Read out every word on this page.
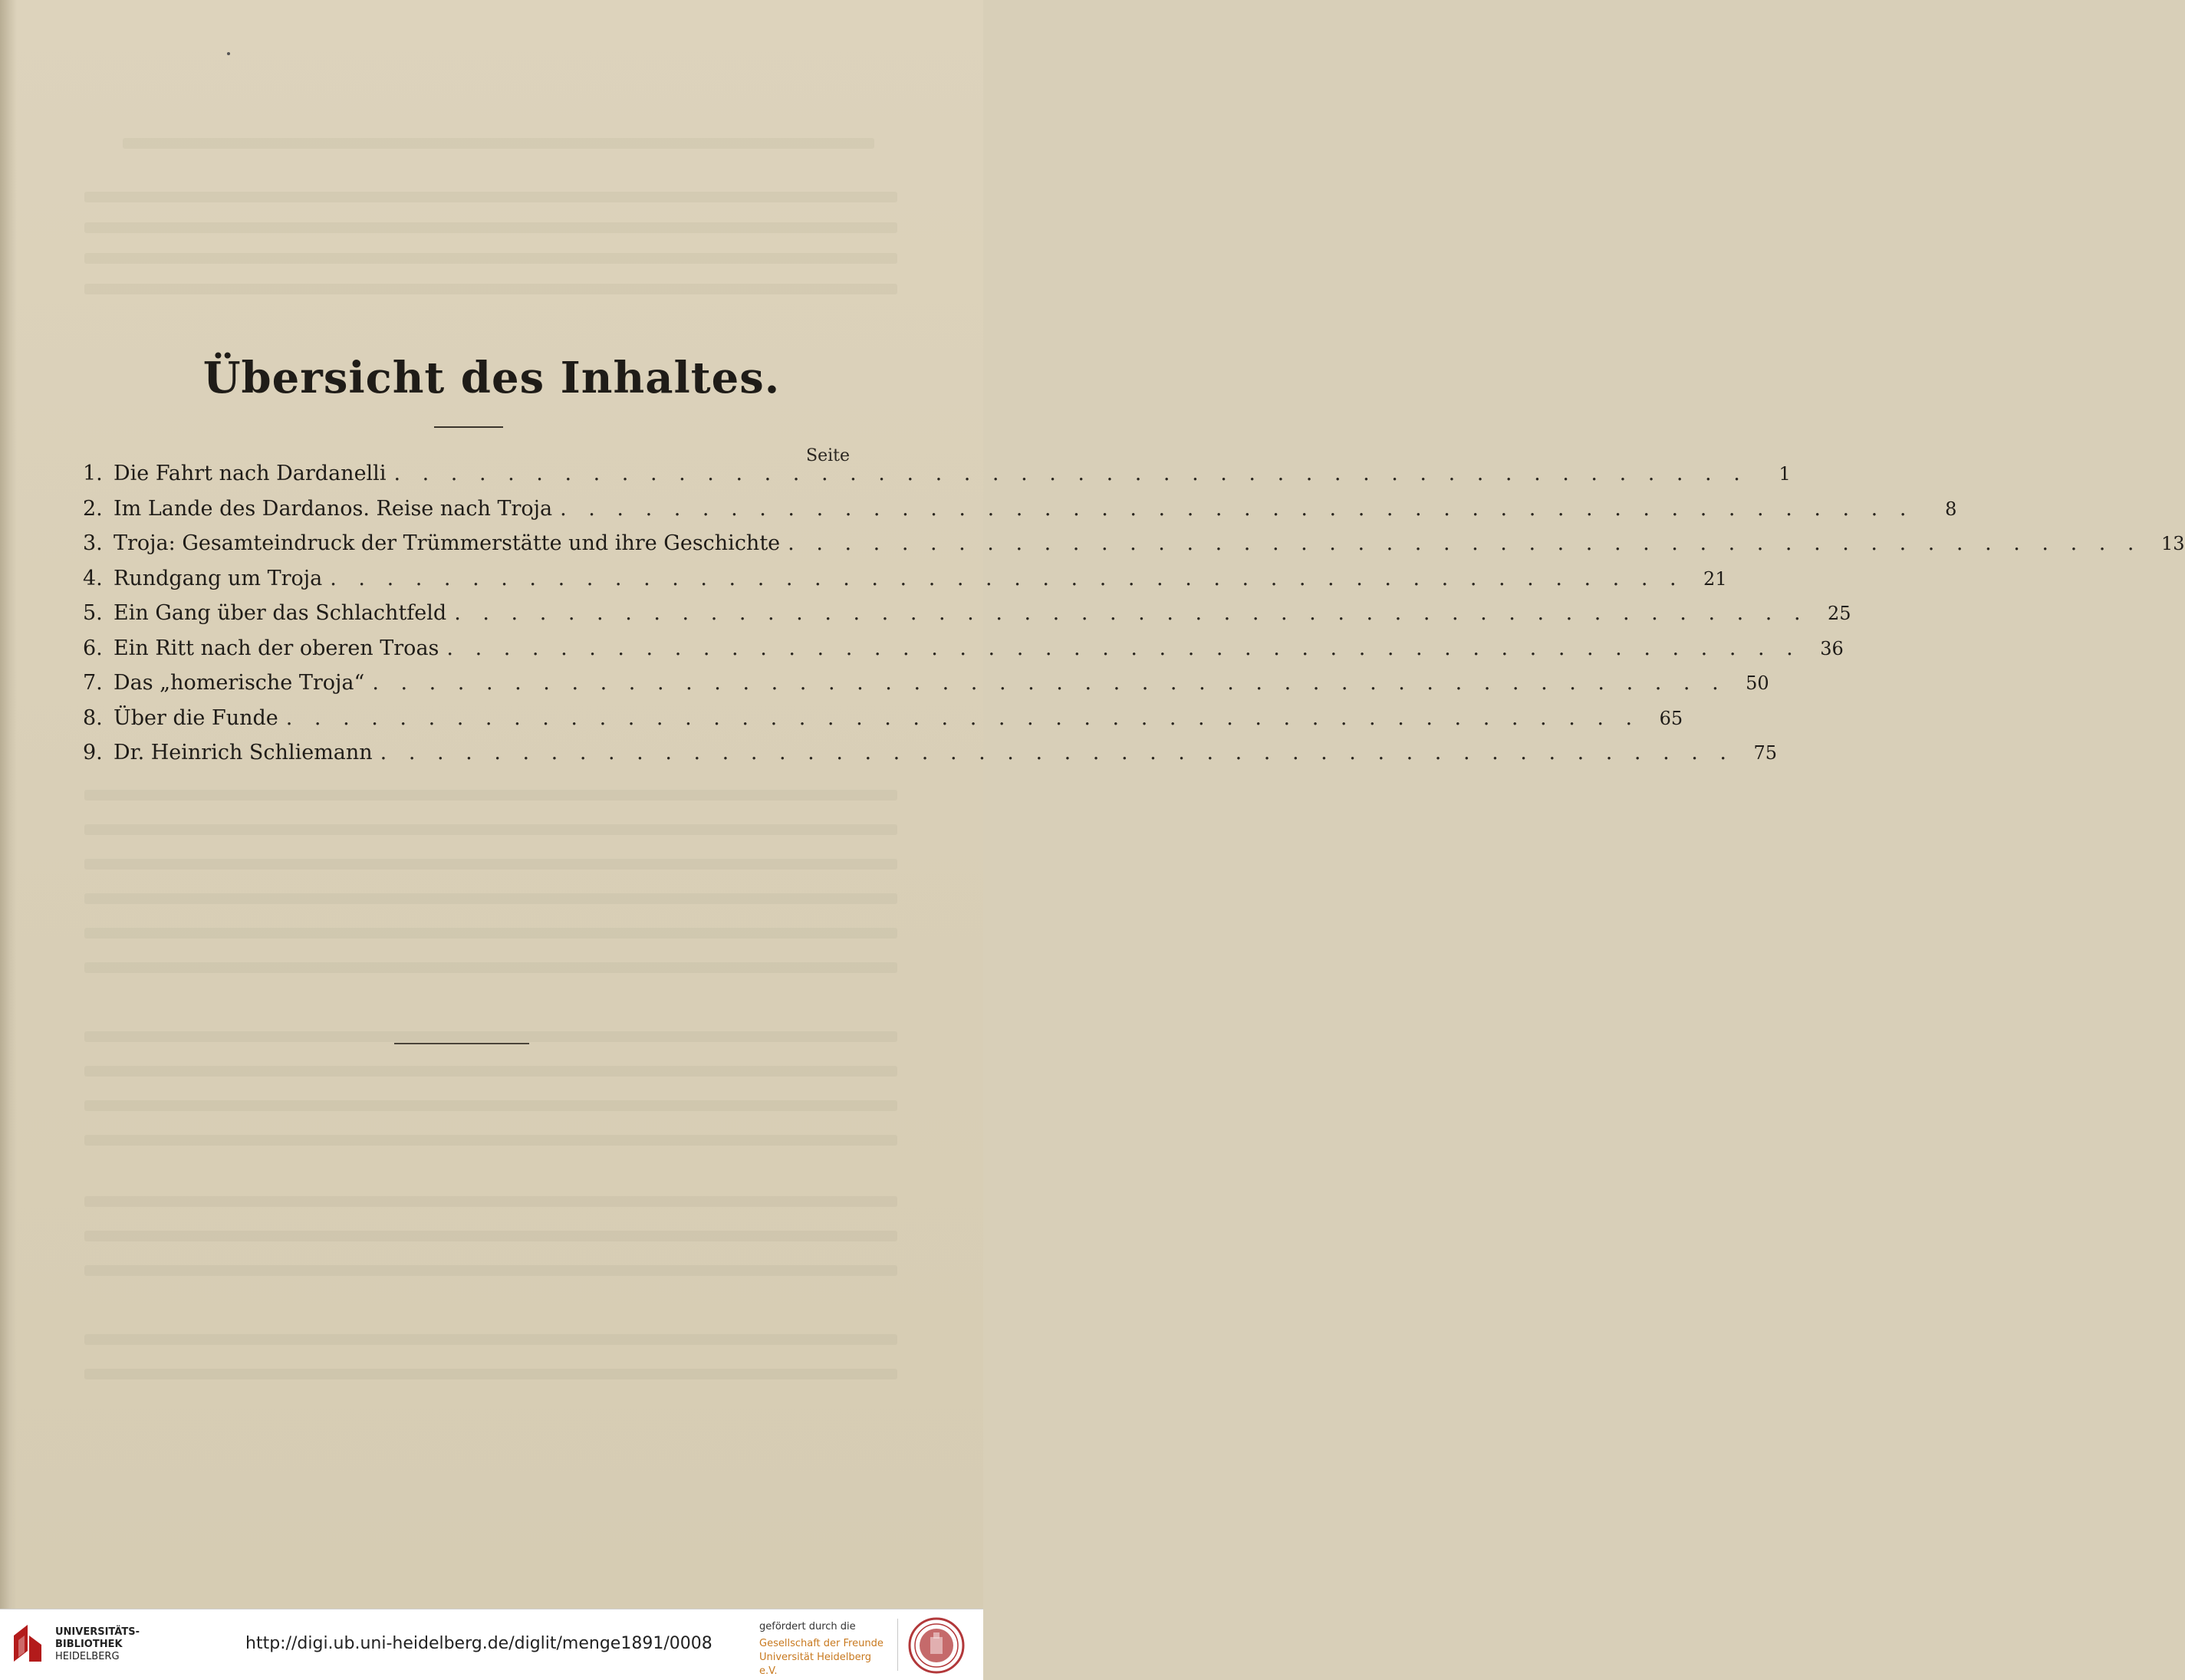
Übersicht des Inhaltes.
Seite
1. Die Fahrt nach Dardanelli . . . . . . . . . . . . . . . . . . . . . . . . . . . . . . . . . . . . . . . . . . . . . . . .	1
2. Im Lande des Dardanos. Reise nach Troja . . . . . . . . . . . . . . . . . . . . . . . . . . . . . . . . . . . . . . . . . . . . . . . .	8
3. Troja: Gesamteindruck der Trümmerstätte und ihre Geschichte . . . . . . . . . . . . . . . . . . . . . . . . . . . . . . . . . . . . . . . . . . . . . . . .	13
4. Rundgang um Troja . . . . . . . . . . . . . . . . . . . . . . . . . . . . . . . . . . . . . . . . . . . . . . . .	21
5. Ein Gang über das Schlachtfeld . . . . . . . . . . . . . . . . . . . . . . . . . . . . . . . . . . . . . . . . . . . . . . . .	25
6. Ein Ritt nach der oberen Troas . . . . . . . . . . . . . . . . . . . . . . . . . . . . . . . . . . . . . . . . . . . . . . . .	36
7. Das „homerische Troja“ . . . . . . . . . . . . . . . . . . . . . . . . . . . . . . . . . . . . . . . . . . . . . . . .	50
8. Über die Funde . . . . . . . . . . . . . . . . . . . . . . . . . . . . . . . . . . . . . . . . . . . . . . . .	65
9. Dr. Heinrich Schliemann . . . . . . . . . . . . . . . . . . . . . . . . . . . . . . . . . . . . . . . . . . . . . . . .	75
UNIVERSITÄTS-
BIBLIOTHEK
HEIDELBERG
http://digi.ub.uni-heidelberg.de/diglit/menge1891/0008
gefördert durch die
Gesellschaft der Freunde
Universität Heidelberg e.V.
